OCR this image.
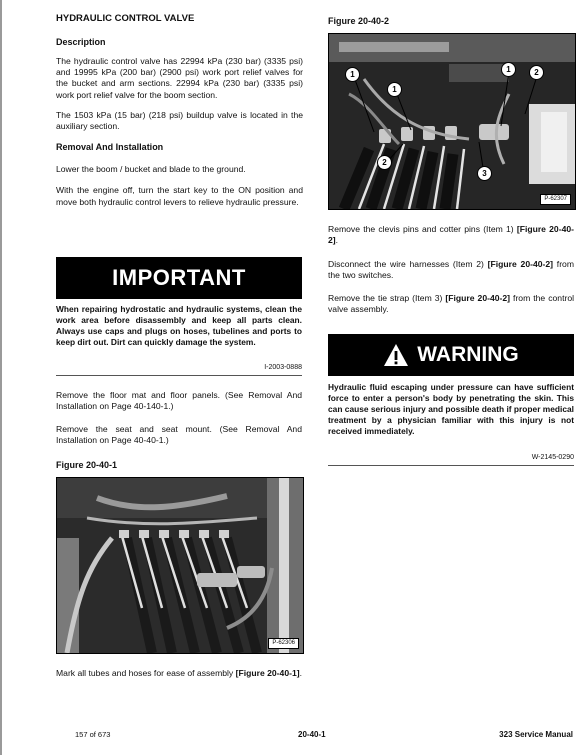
HYDRAULIC CONTROL VALVE

Description

The hydraulic control valve has 22994 kPa (230 bar) (3335 psi) and 19995 kPa (200 bar) (2900 psi) work port relief valves for the bucket and arm sections. 22994 kPa (230 bar) (3335 psi) work port relief valve for the boom section.

The 1503 kPa (15 bar) (218 psi) buildup valve is located in the auxiliary section.

Removal And Installation

Lower the boom / bucket and blade to the ground.

With the engine off, turn the start key to the ON position and move both hydraulic control levers to relieve hydraulic pressure.

IMPORTANT

When repairing hydrostatic and hydraulic systems, clean the work area before disassembly and keep all parts clean. Always use caps and plugs on hoses, tubelines and ports to keep dirt out. Dirt can quickly damage the system.

I-2003-0888

Remove the floor mat and floor panels. (See Removal And Installation on Page 40-140-1.)

Remove the seat and seat mount. (See Removal And Installation on Page 40-40-1.)

Figure 20-40-1
P-62306

Mark all tubes and hoses for ease of assembly [Figure 20-40-1].

Figure 20-40-2
1
1
1	2
2
3
P-62307

Remove the clevis pins and cotter pins (Item 1) [Figure 20-40-2].

Disconnect the wire harnesses (Item 2) [Figure 20-40-2] from the two switches.

Remove the tie strap (Item 3) [Figure 20-40-2] from the control valve assembly.

WARNING

Hydraulic fluid escaping under pressure can have sufficient force to enter a person's body by penetrating the skin. This can cause serious injury and possible death if proper medical treatment by a physician familiar with this injury is not received immediately.

W-2145-0290
157 of 673	20-40-1	323 Service Manual
